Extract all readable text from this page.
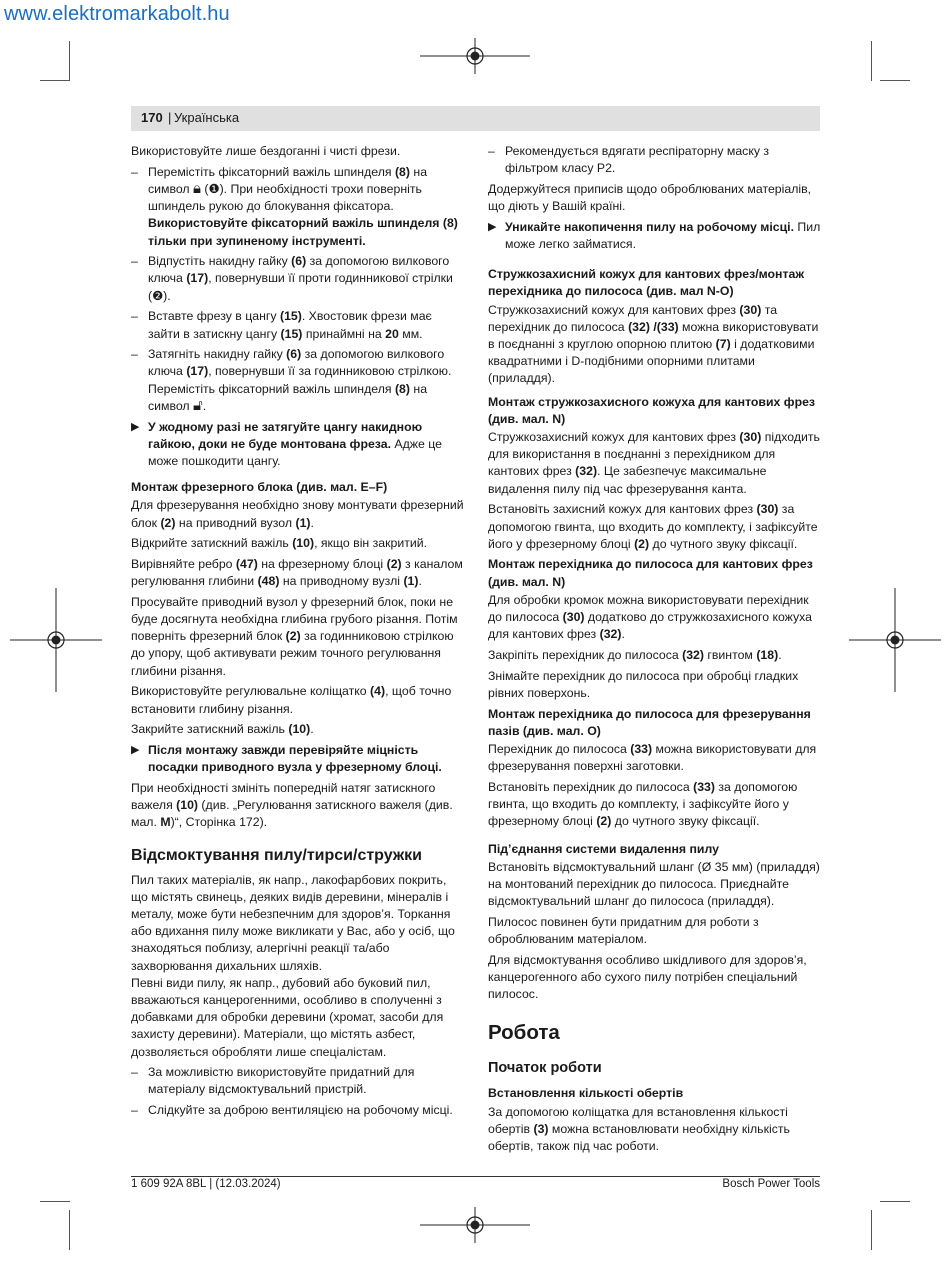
www.elektromarkabolt.hu
170 | Українська

Використовуйте лише бездоганні і чисті фрези.

– Перемістіть фіксаторний важіль шпинделя (8) на символ 🔒︎ (❶). При необхідності трохи поверніть шпиндель рукою до блокування фіксатора. Використовуйте фіксаторний важіль шпинделя (8) тільки при зупиненому інструменті.
– Відпустіть накидну гайку (6) за допомогою вилкового ключа (17), повернувши її проти годинникової стрілки (❷).
– Вставте фрезу в цангу (15). Хвостовик фрези має зайти в затискну цангу (15) принаймні на 20 мм.
– Затягніть накидну гайку (6) за допомогою вилкового ключа (17), повернувши її за годинниковою стрілкою. Перемістіть фіксаторний важіль шпинделя (8) на символ 🔓︎.
▶ У жодному разі не затягуйте цангу накидною гайкою, доки не буде монтована фреза. Адже це може пошкодити цангу.
Монтаж фрезерного блока (див. мал. E–F)

Для фрезерування необхідно знову монтувати фрезерний блок (2) на приводний вузол (1).

Відкрийте затискний важіль (10), якщо він закритий.

Вирівняйте ребро (47) на фрезерному блоці (2) з каналом регулювання глибини (48) на приводному вузлі (1).

Просувайте приводний вузол у фрезерний блок, поки не буде досягнута необхідна глибина грубого різання. Потім поверніть фрезерний блок (2) за годинниковою стрілкою до упору, щоб активувати режим точного регулювання глибини різання.

Використовуйте регулювальне коліщатко (4), щоб точно встановити глибину різання.

Закрийте затискний важіль (10).

▶ Після монтажу завжди перевіряйте міцність посадки приводного вузла у фрезерному блоці.

При необхідності змініть попередній натяг затискного важеля (10) (див. „Регулювання затискного важеля (див. мал. M)“, Сторінка 172).

Відсмоктування пилу/тирси/стружки

Пил таких матеріалів, як напр., лакофарбових покрить, що містять свинець, деяких видів деревини, мінералів і металу, може бути небезпечним для здоров’я. Торкання або вдихання пилу може викликати у Вас, або у осіб, що знаходяться поблизу, алергічні реакції та/або захворювання дихальних шляхів.

Певні види пилу, як напр., дубовий або буковий пил, вважаються канцерогенними, особливо в сполученні з добавками для обробки деревини (хромат, засоби для захисту деревини). Матеріали, що містять азбест, дозволяється обробляти лише спеціалістам.

– За можливістю використовуйте придатний для матеріалу відсмоктувальний пристрій.
– Слідкуйте за доброю вентиляцією на робочому місці.
– Рекомендується вдягати респіраторну маску з фільтром класу P2.

Додержуйтеся приписів щодо оброблюваних матеріалів, що діють у Вашій країні.

▶ Уникайте накопичення пилу на робочому місці. Пил може легко займатися.
Стружкозахисний кожух для кантових фрез/монтаж перехідника до пилососа (див. мал N-O)

Стружкозахисний кожух для кантових фрез (30) та перехідник до пилососа (32) /(33) можна використовувати в поєднанні з круглою опорною плитою (7) і додатковими квадратними і D-подібними опорними плитами (приладдя).

Монтаж стружкозахисного кожуха для кантових фрез (див. мал. N)

Стружкозахисний кожух для кантових фрез (30) підходить для використання в поєднанні з перехідником для кантових фрез (32). Це забезпечує максимальне видалення пилу під час фрезерування канта.

Встановіть захисний кожух для кантових фрез (30) за допомогою гвинта, що входить до комплекту, і зафіксуйте його у фрезерному блоці (2) до чутного звуку фіксації.

Монтаж перехідника до пилососа для кантових фрез (див. мал. N)

Для обробки кромок можна використовувати перехідник до пилососа (30) додатково до стружкозахисного кожуха для кантових фрез (32).

Закріпіть перехідник до пилососа (32) гвинтом (18).

Знімайте перехідник до пилососа при обробці гладких рівних поверхонь.

Монтаж перехідника до пилососа для фрезерування пазів (див. мал. O)

Перехідник до пилососа (33) можна використовувати для фрезерування поверхні заготовки.

Встановіть перехідник до пилососа (33) за допомогою гвинта, що входить до комплекту, і зафіксуйте його у фрезерному блоці (2) до чутного звуку фіксації.

Під’єднання системи видалення пилу

Встановіть відсмоктувальний шланг (Ø 35 мм) (приладдя) на монтований перехідник до пилососа. Приєднайте відсмоктувальний шланг до пилососа (приладдя).

Пилосос повинен бути придатним для роботи з оброблюваним матеріалом.

Для відсмоктування особливо шкідливого для здоров’я, канцерогенного або сухого пилу потрібен спеціальний пилосос.

Робота
Початок роботи
Встановлення кількості обертів

За допомогою коліщатка для встановлення кількості обертів (3) можна встановлювати необхідну кількість обертів, також під час роботи.

1 609 92A 8BL | (12.03.2024)	Bosch Power Tools
